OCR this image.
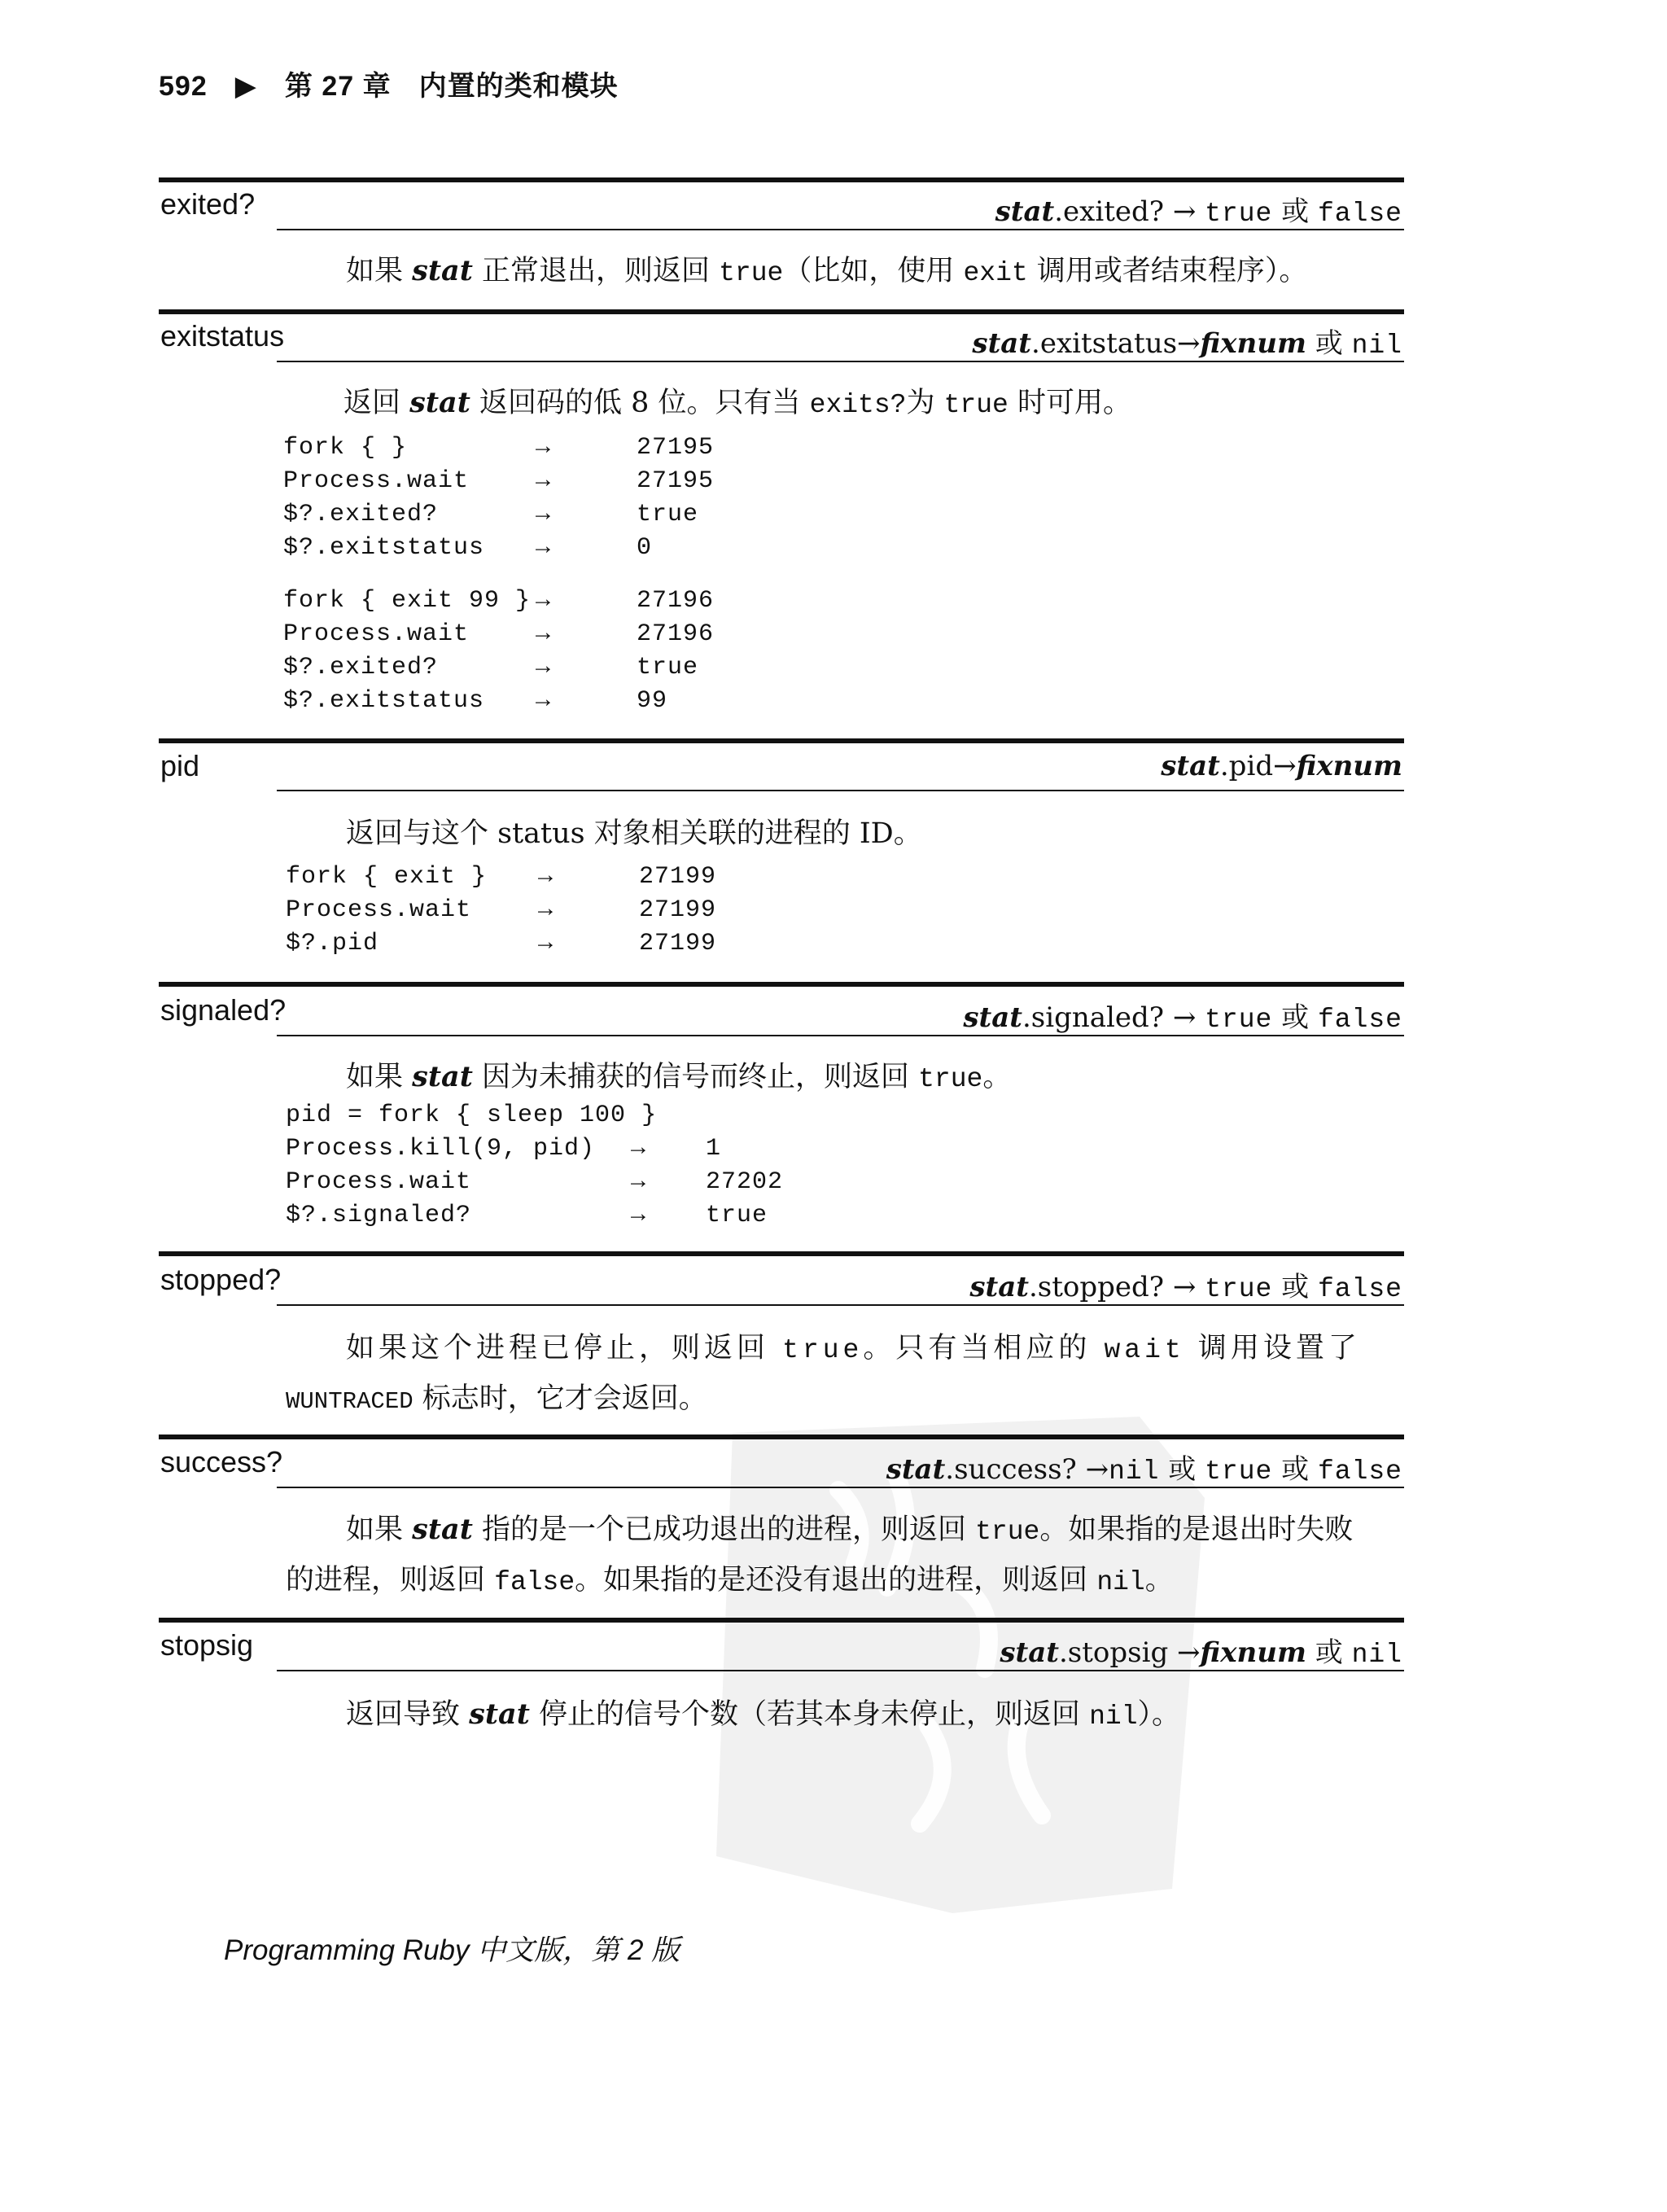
592 ▶ 第 27 章 内置的类和模块
exited?	stat.exited? → true 或 false
如果 stat 正常退出，则返回 true（比如，使用 exit 调用或者结束程序）。
exitstatus	stat.exitstatus→fixnum 或 nil
返回 stat 返回码的低 8 位。只有当 exits?为 true 时可用。
fork { }	→	27195
Process.wait	→	27195
$?.exited?	→	true
$?.exitstatus →	0
fork { exit 99 } →	27196
Process.wait	→	27196
$?.exited?	→	true
$?.exitstatus →	99
pid	stat.pid→fixnum
返回与这个 status 对象相关联的进程的 ID。
fork { exit } →	27199
Process.wait	→	27199
$?.pid	→	27199
signaled?	stat.signaled? → true 或 false
如果 stat 因为未捕获的信号而终止，则返回 true。
pid = fork { sleep 100 }
Process.kill(9, pid) → 1
Process.wait	→ 27202
$?.signaled?	→ true
stopped?	stat.stopped? → true 或 false
如果这个进程已停止，则返回 true。只有当相应的 wait 调用设置了
WUNTRACED 标志时，它才会返回。
success?	stat.success? →nil 或 true 或 false
如果 stat 指的是一个已成功退出的进程，则返回 true。如果指的是退出时失败
的进程，则返回 false。如果指的是还没有退出的进程，则返回 nil。
stopsig	stat.stopsig →fixnum 或 nil
返回导致 stat 停止的信号个数（若其本身未停止，则返回 nil）。
Programming Ruby 中文版，第 2 版
